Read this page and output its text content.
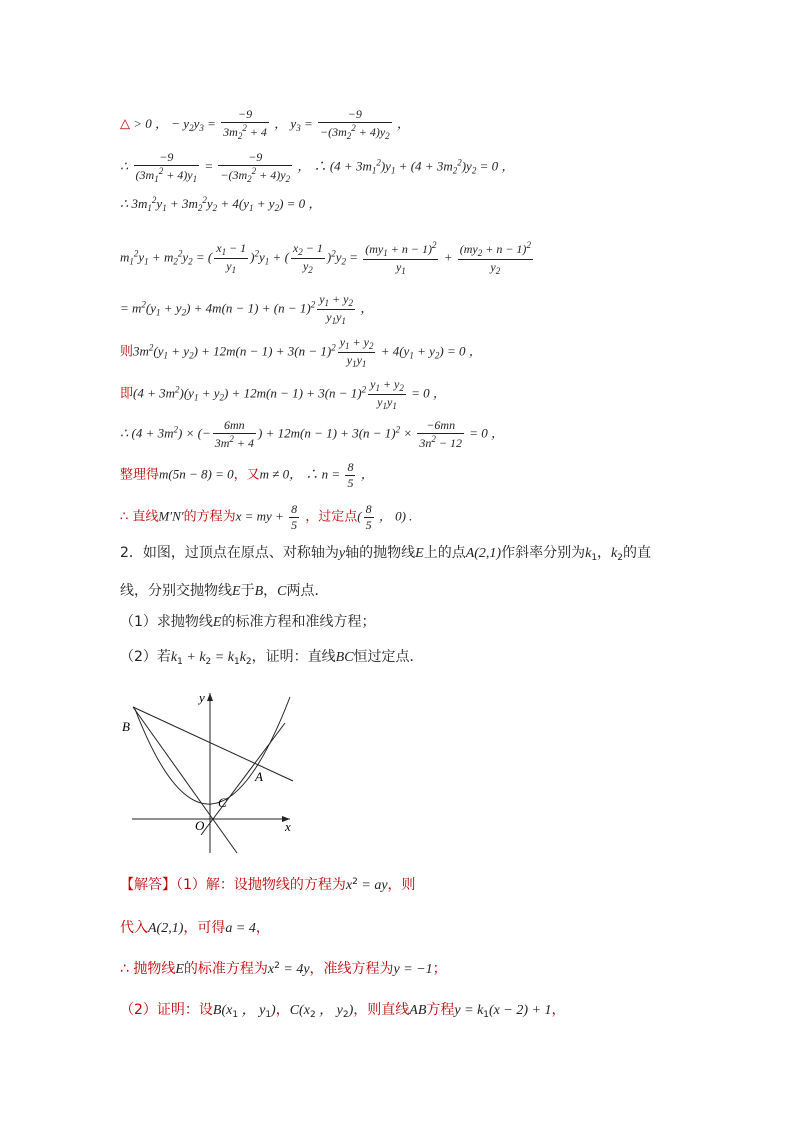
△ > 0 ， − $y_2y_3 = \frac{-9}{3m_2^2 + 4}$ ， $y_3 = \frac{-9}{-(3m_2^2 + 4)y_2}$ ，
∴ $\frac{-9}{(3m_1^2 + 4)y_1} = \frac{-9}{-(3m_2^2 + 4)y_2}$ ， ∴ $(4 + 3m_1^2)y_1 + (4 + 3m_2^2)y_2 = 0$ ，
∴ $3m_1^2y_1 + 3m_2^2y_2 + 4(y_1 + y_2) = 0$ ，
$m_1^2y_1 + m_2^2y_2$ = ( $\frac{x_1 - 1}{y_1} )^2y_1$ + ( $\frac{x_2 - 1}{y_2} )^2y_2 = \frac{(my_1 + n - 1)^2}{y_1} + \frac{(my_2 + n - 1)^2}{y_2}$
= $m^2(y_1 + y_2) + 4m(n - 1) + (n - 1)^2 \frac{y_1 + y_2}{y_1y_1}$ ，
则$3m^2(y_1 + y_2) + 12m(n - 1) + 3(n - 1)^2 \frac{y_1 + y_2}{y_1y_1} + 4(y_1 + y_2) = 0$ ，
即$(4 + 3m^2)(y_1 + y_2) + 12m(n - 1) + 3(n - 1)^2 \frac{y_1 + y_2}{y_1y_1} = 0$ ，
∴ $(4 + 3m^2)$ × (− $\frac{6mn}{3m^2 + 4}$ ) + $12m(n - 1) + 3(n - 1)^2 \times \frac{-6mn}{3n^2 - 12} = 0$ ，
整理得m(5n − 8) = 0，又m ≠ 0， ∴ $n = \frac{8}{5}$ ，
∴ 直线M′N′的方程为x = my + $\frac{8}{5}$ ，过定点( $\frac{8}{5}$ ， 0) .
2．如图，过顶点在原点、对称轴为y轴的抛物线E上的点A(2,1)作斜率分别为$k_1$，$k_2$的直
线，分别交抛物线E于B，C两点．
（1）求抛物线E的标准方程和准线方程；
（2）若$k_1 + k_2 = k_1k_2$，证明：直线BC恒过定点．
y
x
O
A
B
C
【解答】（1）解：设抛物线的方程为$x^2$ = ay，则
代入A(2,1)，可得a = 4，
∴ 抛物线E的标准方程为$x^2 = 4y$，准线方程为y = −1；
（2）证明：设$B(x_1$ ， $y_1$)，$C(x_2$ ， $y_2$)，则直线AB方程$y = k_1(x - 2) + 1$，
